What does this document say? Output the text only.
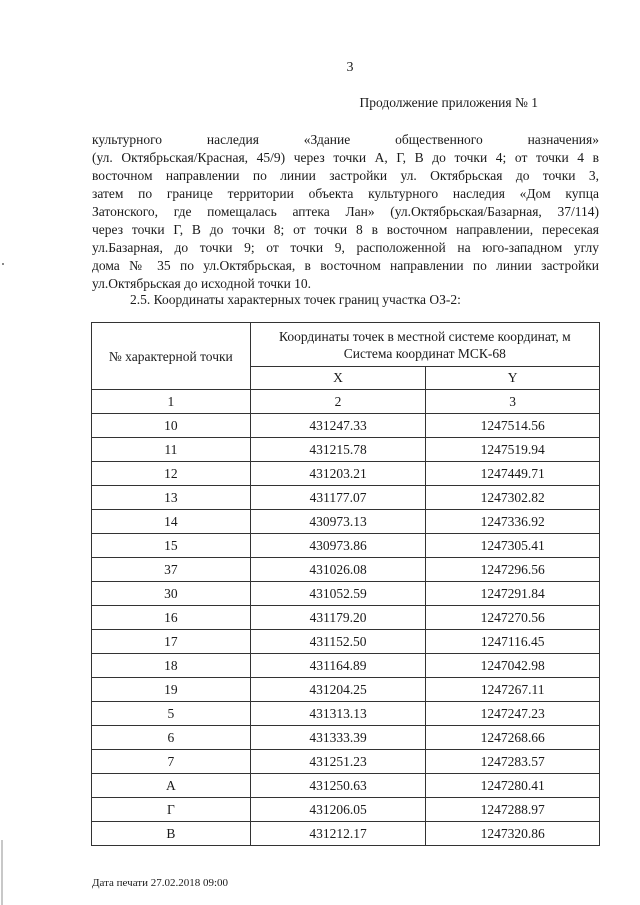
3
Продолжение приложения № 1
культурного наследия «Здание общественного назначения»
(ул. Октябрьская/Красная, 45/9) через точки А, Г, В до точки 4; от точки 4 в
восточном направлении по линии застройки ул. Октябрьская до точки 3,
затем по границе территории объекта культурного наследия «Дом купца
Затонского, где помещалась аптека Лан» (ул.Октябрьская/Базарная, 37/114)
через точки Г, В до точки 8; от точки 8 в восточном направлении, пересекая
ул.Базарная, до точки 9; от точки 9, расположенной на юго-западном углу
дома № 35 по ул.Октябрьская, в восточном направлении по линии застройки
ул.Октябрьская до исходной точки 10.
2.5. Координаты характерных точек границ участка ОЗ-2:
№ характерной точки	Координаты точек в местной системе координат, м
Система координат МСК-68	
	X	Y
1	2	3
10	431247.33	1247514.56
11	431215.78	1247519.94
12	431203.21	1247449.71
13	431177.07	1247302.82
14	430973.13	1247336.92
15	430973.86	1247305.41
37	431026.08	1247296.56
30	431052.59	1247291.84
16	431179.20	1247270.56
17	431152.50	1247116.45
18	431164.89	1247042.98
19	431204.25	1247267.11
5	431313.13	1247247.23
6	431333.39	1247268.66
7	431251.23	1247283.57
А	431250.63	1247280.41
Г	431206.05	1247288.97
В	431212.17	1247320.86
Дата печати 27.02.2018 09:00
